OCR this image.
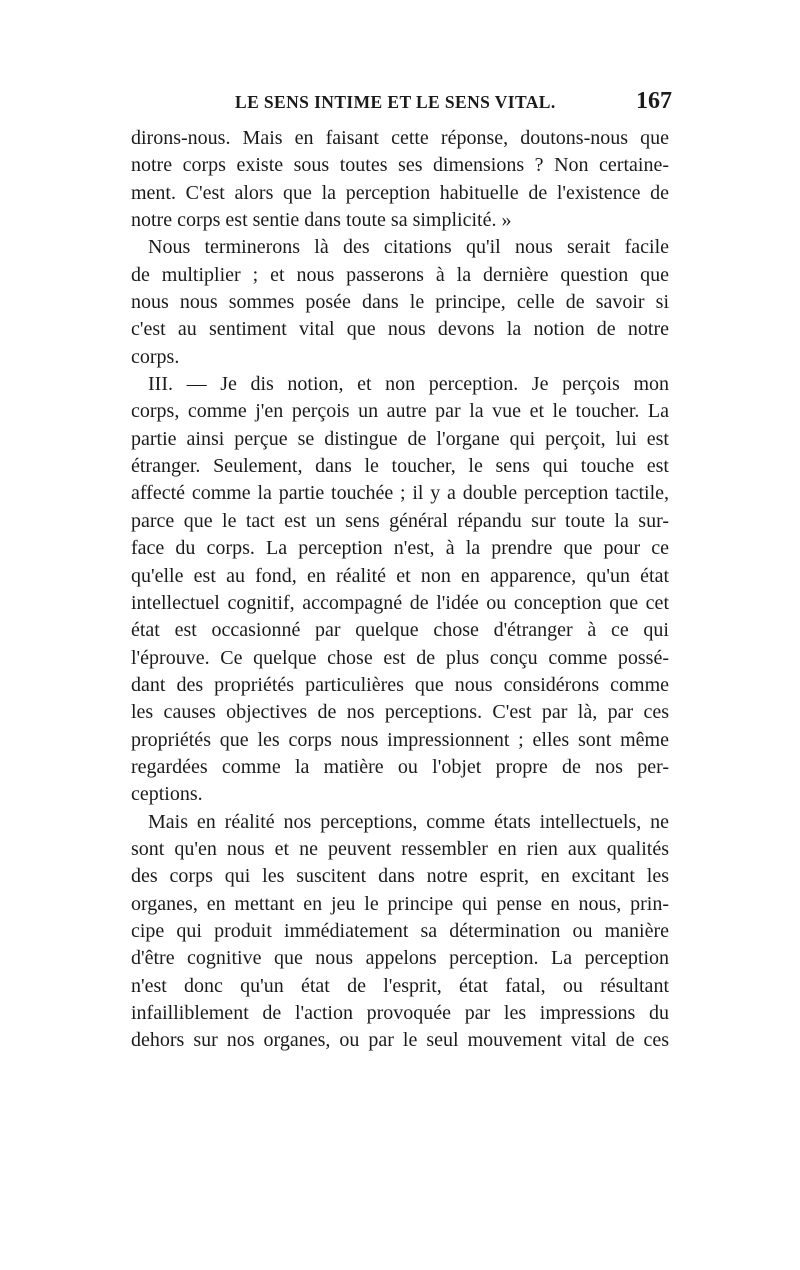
LE SENS INTIME ET LE SENS VITAL.	167
dirons-nous. Mais en faisant cette réponse, doutons-nous que
notre corps existe sous toutes ses dimensions ? Non certaine-
ment. C'est alors que la perception habituelle de l'existence de
notre corps est sentie dans toute sa simplicité. »
Nous terminerons là des citations qu'il nous serait facile
de multiplier ; et nous passerons à la dernière question que
nous nous sommes posée dans le principe, celle de savoir si
c'est au sentiment vital que nous devons la notion de notre
corps.
III. — Je dis notion, et non perception. Je perçois mon
corps, comme j'en perçois un autre par la vue et le toucher. La
partie ainsi perçue se distingue de l'organe qui perçoit, lui est
étranger. Seulement, dans le toucher, le sens qui touche est
affecté comme la partie touchée ; il y a double perception tactile,
parce que le tact est un sens général répandu sur toute la sur-
face du corps. La perception n'est, à la prendre que pour ce
qu'elle est au fond, en réalité et non en apparence, qu'un état
intellectuel cognitif, accompagné de l'idée ou conception que cet
état est occasionné par quelque chose d'étranger à ce qui
l'éprouve. Ce quelque chose est de plus conçu comme possé-
dant des propriétés particulières que nous considérons comme
les causes objectives de nos perceptions. C'est par là, par ces
propriétés que les corps nous impressionnent ; elles sont même
regardées comme la matière ou l'objet propre de nos per-
ceptions.
Mais en réalité nos perceptions, comme états intellectuels, ne
sont qu'en nous et ne peuvent ressembler en rien aux qualités
des corps qui les suscitent dans notre esprit, en excitant les
organes, en mettant en jeu le principe qui pense en nous, prin-
cipe qui produit immédiatement sa détermination ou manière
d'être cognitive que nous appelons perception. La perception
n'est donc qu'un état de l'esprit, état fatal, ou résultant
infailliblement de l'action provoquée par les impressions du
dehors sur nos organes, ou par le seul mouvement vital de ces
